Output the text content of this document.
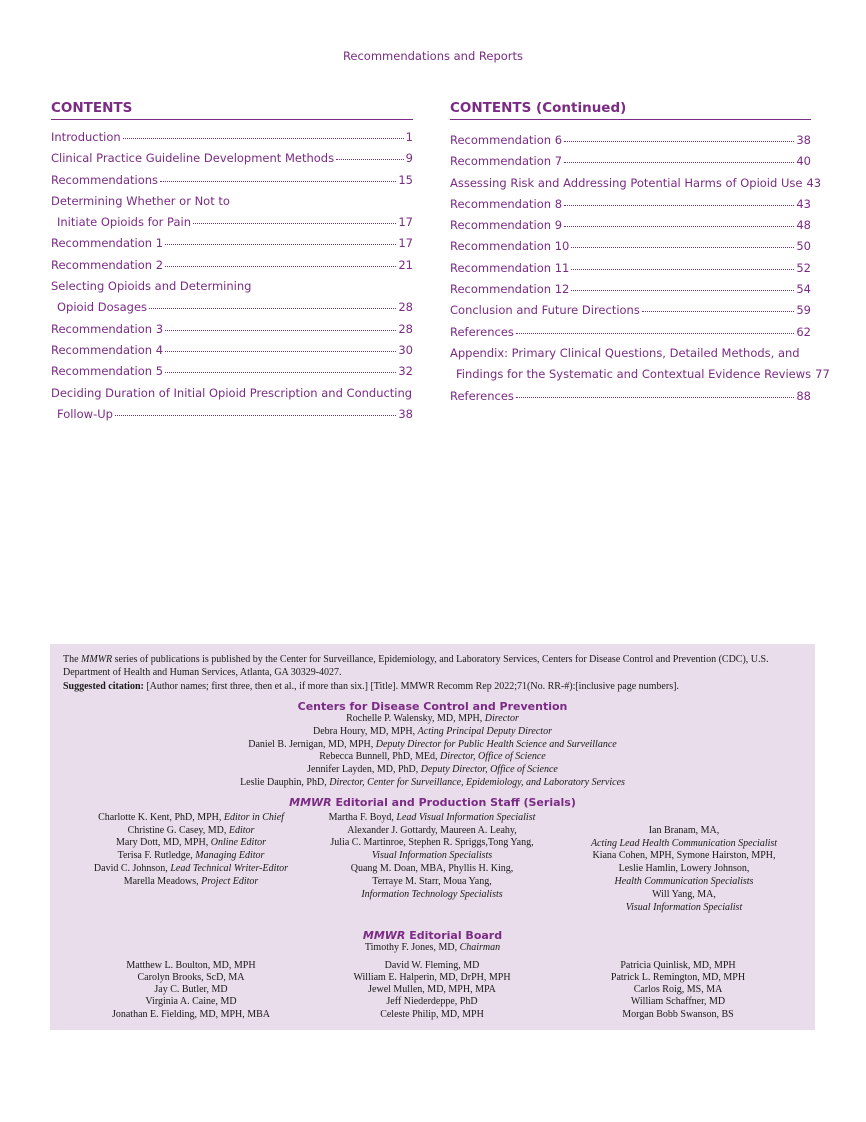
Recommendations and Reports
CONTENTS
Introduction	1
Clinical Practice Guideline Development Methods	9
Recommendations	15
Determining Whether or Not to
Initiate Opioids for Pain	17
Recommendation 1	17
Recommendation 2	21
Selecting Opioids and Determining
Opioid Dosages	28
Recommendation 3	28
Recommendation 4	30
Recommendation 5	32
Deciding Duration of Initial Opioid Prescription and Conducting
Follow-Up	38
CONTENTS (Continued)
Recommendation 6	38
Recommendation 7	40
Assessing Risk and Addressing Potential Harms of Opioid Use 43
Recommendation 8	43
Recommendation 9	48
Recommendation 10	50
Recommendation 11	52
Recommendation 12	54
Conclusion and Future Directions	59
References	62
Appendix: Primary Clinical Questions, Detailed Methods, and
Findings for the Systematic and Contextual Evidence Reviews 77
References	88
The MMWR series of publications is published by the Center for Surveillance, Epidemiology, and Laboratory Services, Centers for Disease Control and Prevention (CDC), U.S. Department of Health and Human Services, Atlanta, GA 30329-4027.
Suggested citation: [Author names; first three, then et al., if more than six.] [Title]. MMWR Recomm Rep 2022;71(No. RR-#):[inclusive page numbers].
Centers for Disease Control and Prevention
Rochelle P. Walensky, MD, MPH, Director
Debra Houry, MD, MPH, Acting Principal Deputy Director
Daniel B. Jernigan, MD, MPH, Deputy Director for Public Health Science and Surveillance
Rebecca Bunnell, PhD, MEd, Director, Office of Science
Jennifer Layden, MD, PhD, Deputy Director, Office of Science
Leslie Dauphin, PhD, Director, Center for Surveillance, Epidemiology, and Laboratory Services
MMWR Editorial and Production Staff (Serials)
Charlotte K. Kent, PhD, MPH, Editor in Chief
Christine G. Casey, MD, Editor
Mary Dott, MD, MPH, Online Editor
Terisa F. Rutledge, Managing Editor
David C. Johnson, Lead Technical Writer-Editor
Marella Meadows, Project Editor
Martha F. Boyd, Lead Visual Information Specialist
Alexander J. Gottardy, Maureen A. Leahy,
Julia C. Martinroe, Stephen R. Spriggs,Tong Yang,
Visual Information Specialists
Quang M. Doan, MBA, Phyllis H. King,
Terraye M. Starr, Moua Yang,
Information Technology Specialists
Ian Branam, MA,
Acting Lead Health Communication Specialist
Kiana Cohen, MPH, Symone Hairston, MPH,
Leslie Hamlin, Lowery Johnson,
Health Communication Specialists
Will Yang, MA,
Visual Information Specialist
MMWR Editorial Board
Timothy F. Jones, MD, Chairman
Matthew L. Boulton, MD, MPH
Carolyn Brooks, ScD, MA
Jay C. Butler, MD
Virginia A. Caine, MD
Jonathan E. Fielding, MD, MPH, MBA
David W. Fleming, MD
William E. Halperin, MD, DrPH, MPH
Jewel Mullen, MD, MPH, MPA
Jeff Niederdeppe, PhD
Celeste Philip, MD, MPH
Patricia Quinlisk, MD, MPH
Patrick L. Remington, MD, MPH
Carlos Roig, MS, MA
William Schaffner, MD
Morgan Bobb Swanson, BS
